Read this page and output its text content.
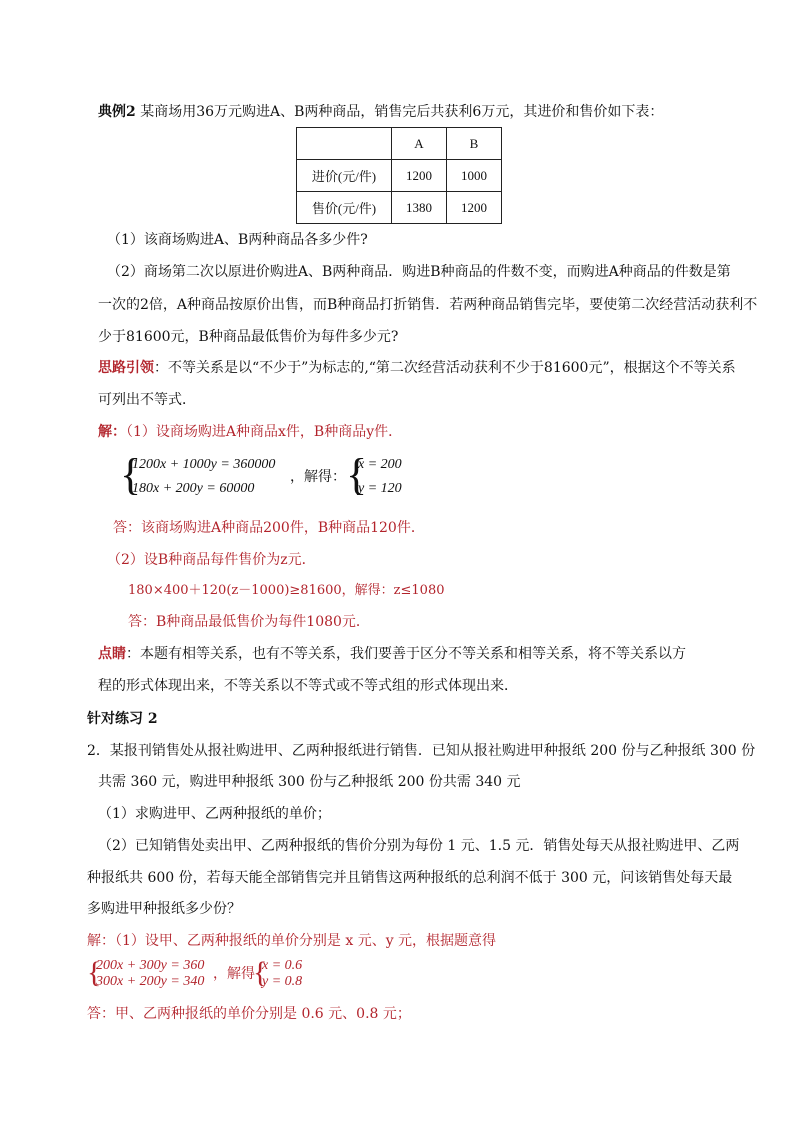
典例2 某商场用36万元购进A、B两种商品，销售完后共获利6万元，其进价和售价如下表：
	A	B
进价(元/件)	1200	1000
售价(元/件)	1380	1200
（1）该商场购进A、B两种商品各多少件?
（2）商场第二次以原进价购进A、B两种商品．购进B种商品的件数不变，而购进A种商品的件数是第
一次的2倍，A种商品按原价出售，而B种商品打折销售．若两种商品销售完毕，要使第二次经营活动获利不
少于81600元，B种商品最低售价为每件多少元?
思路引领：不等关系是以“不少于”为标志的,“第二次经营活动获利不少于81600元”，根据这个不等关系
可列出不等式．
解：（1）设商场购进A种商品x件，B种商品y件．
{
1200x + 1000y = 360000
180x + 200y = 60000
，解得： {
x = 200
y = 120
答：该商场购进A种商品200件，B种商品120件．
（2）设B种商品每件售价为z元．
180×400＋120(z－1000)≥81600，解得：z≤1080
答：B种商品最低售价为每件1080元．
点睛：本题有相等关系，也有不等关系，我们要善于区分不等关系和相等关系，将不等关系以方
程的形式体现出来，不等关系以不等式或不等式组的形式体现出来．
针对练习 2
2．某报刊销售处从报社购进甲、乙两种报纸进行销售．已知从报社购进甲种报纸 200 份与乙种报纸 300 份
共需 360 元，购进甲种报纸 300 份与乙种报纸 200 份共需 340 元
（1）求购进甲、乙两种报纸的单价；
（2）已知销售处卖出甲、乙两种报纸的售价分别为每份 1 元、1.5 元．销售处每天从报社购进甲、乙两
种报纸共 600 份，若每天能全部销售完并且销售这两种报纸的总利润不低于 300 元，问该销售处每天最
多购进甲种报纸多少份？
解：（1）设甲、乙两种报纸的单价分别是 x 元、y 元，根据题意得
{
200x + 300y = 360
300x + 200y = 340 ，解得
{
x = 0.6
y = 0.8
答：甲、乙两种报纸的单价分别是 0.6 元、0.8 元；
